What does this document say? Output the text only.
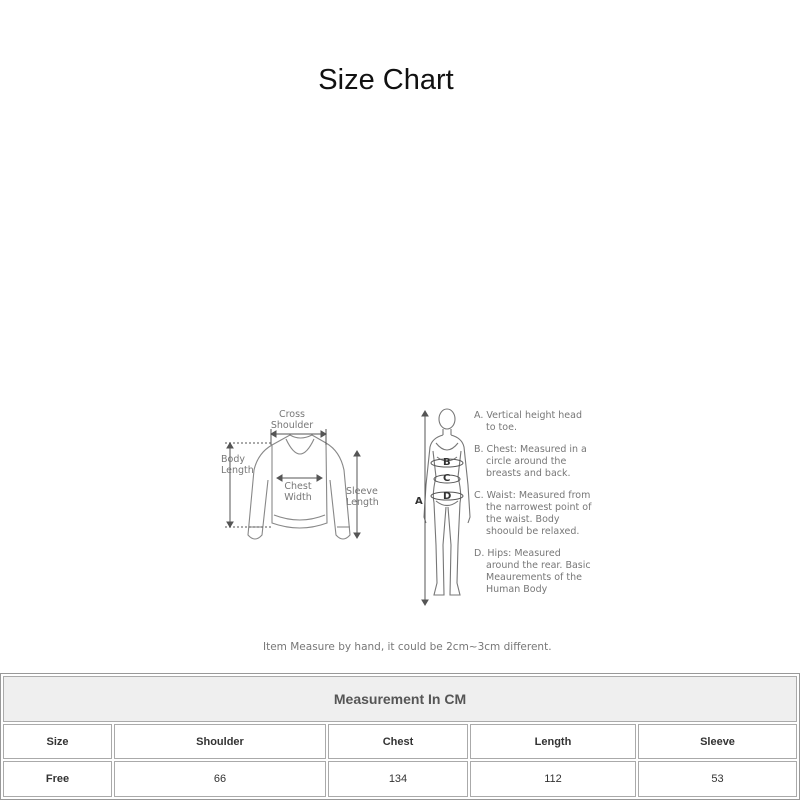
Size Chart
Cross
Shoulder
Body
Length
Chest
Width
Sleeve
Length	A
B
C
D
A. Vertical height head to toe.
B. Chest: Measured in a circle around the breasts and back.
C. Waist: Measured from the narrowest point of the waist. Body shoould be relaxed.
D. Hips: Measured around the rear. Basic Meaurements of the Human Body
Item Measure by hand, it could be 2cm~3cm different.
Measurement In CM				
Size	Shoulder	Chest	Length	Sleeve
Free	66	134	112	53
